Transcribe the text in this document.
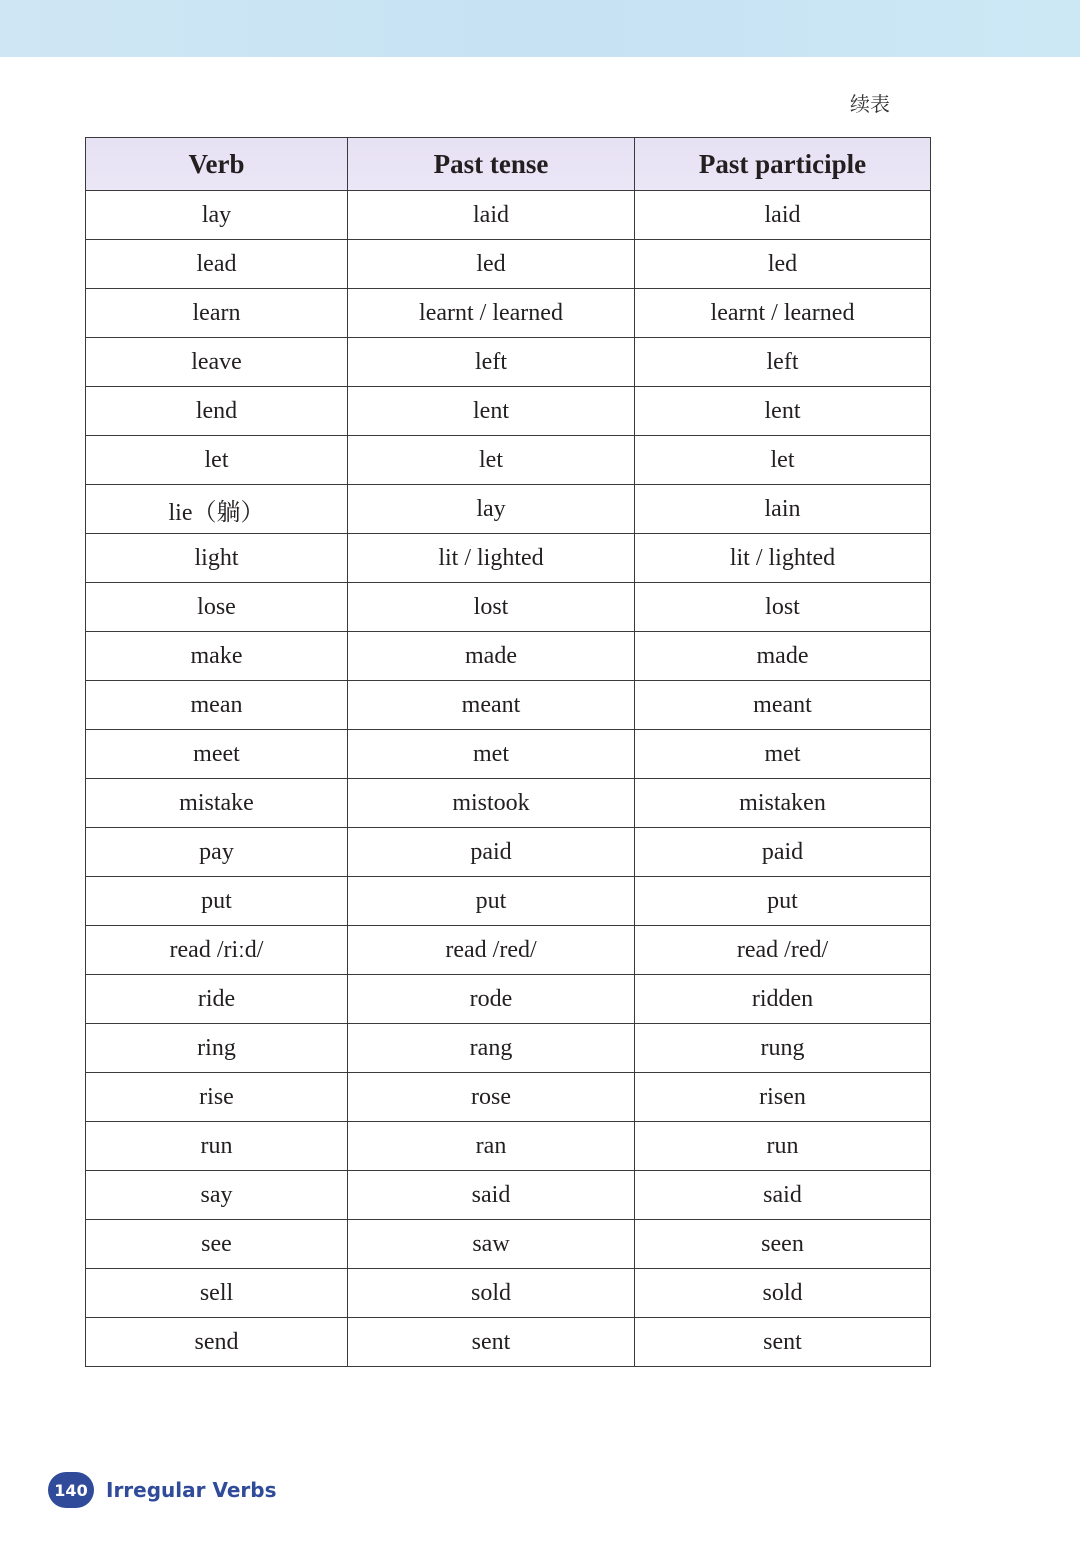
续表
Verb	Past tense	Past participle
lay	laid	laid
lead	led	led
learn	learnt / learned	learnt / learned
leave	left	left
lend	lent	lent
let	let	let
lie（躺）	lay	lain
light	lit / lighted	lit / lighted
lose	lost	lost
make	made	made
mean	meant	meant
meet	met	met
mistake	mistook	mistaken
pay	paid	paid
put	put	put
read /riːd/	read /red/	read /red/
ride	rode	ridden
ring	rang	rung
rise	rose	risen
run	ran	run
say	said	said
see	saw	seen
sell	sold	sold
send	sent	sent
140 Irregular Verbs
